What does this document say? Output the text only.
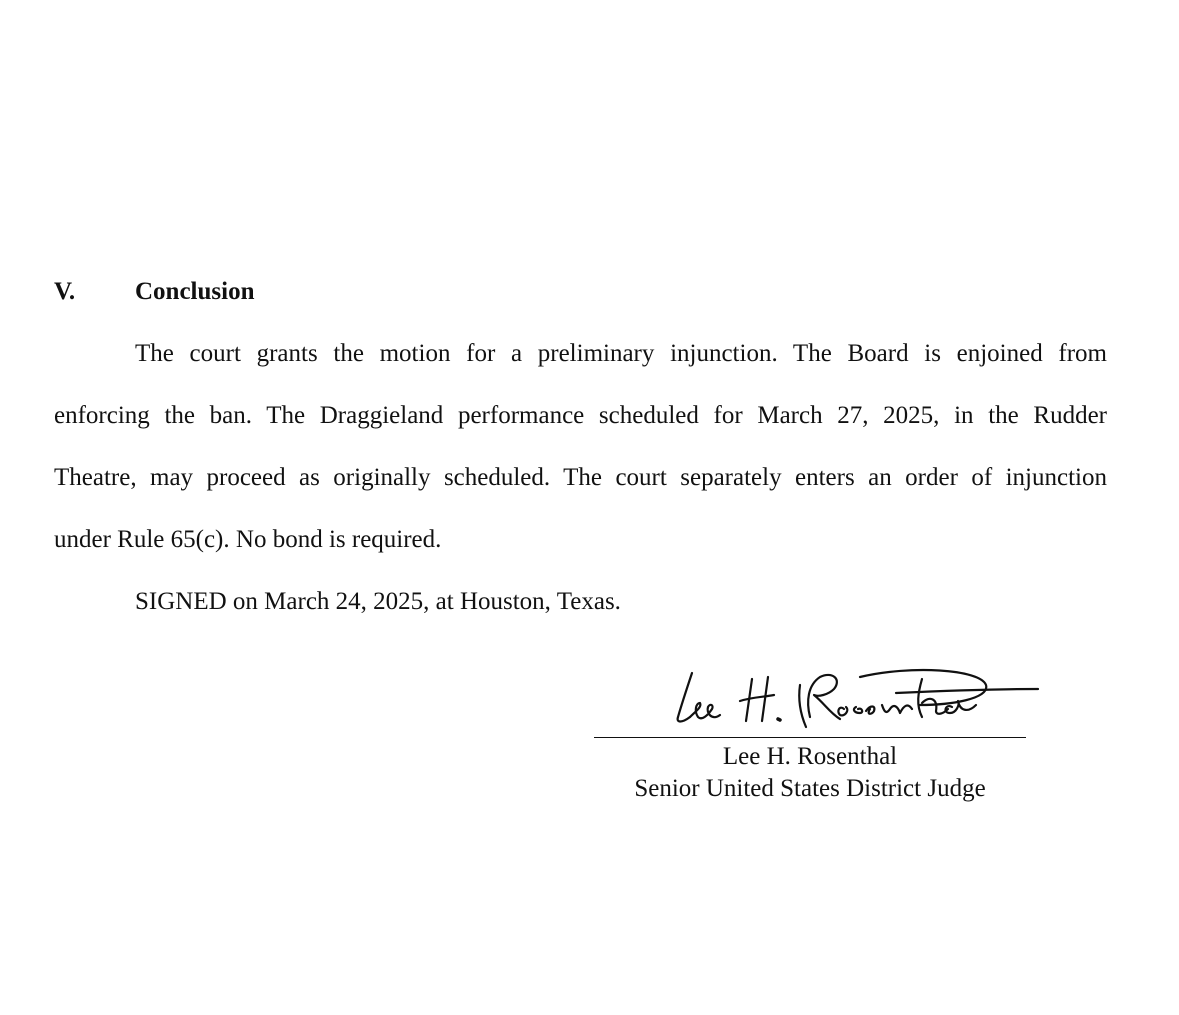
V. Conclusion
The court grants the motion for a preliminary injunction. The Board is enjoined from
enforcing the ban. The Draggieland performance scheduled for March 27, 2025, in the Rudder
Theatre, may proceed as originally scheduled. The court separately enters an order of injunction
under Rule 65(c). No bond is required.
SIGNED on March 24, 2025, at Houston, Texas.
Lee H. Rosenthal
Senior United States District Judge
